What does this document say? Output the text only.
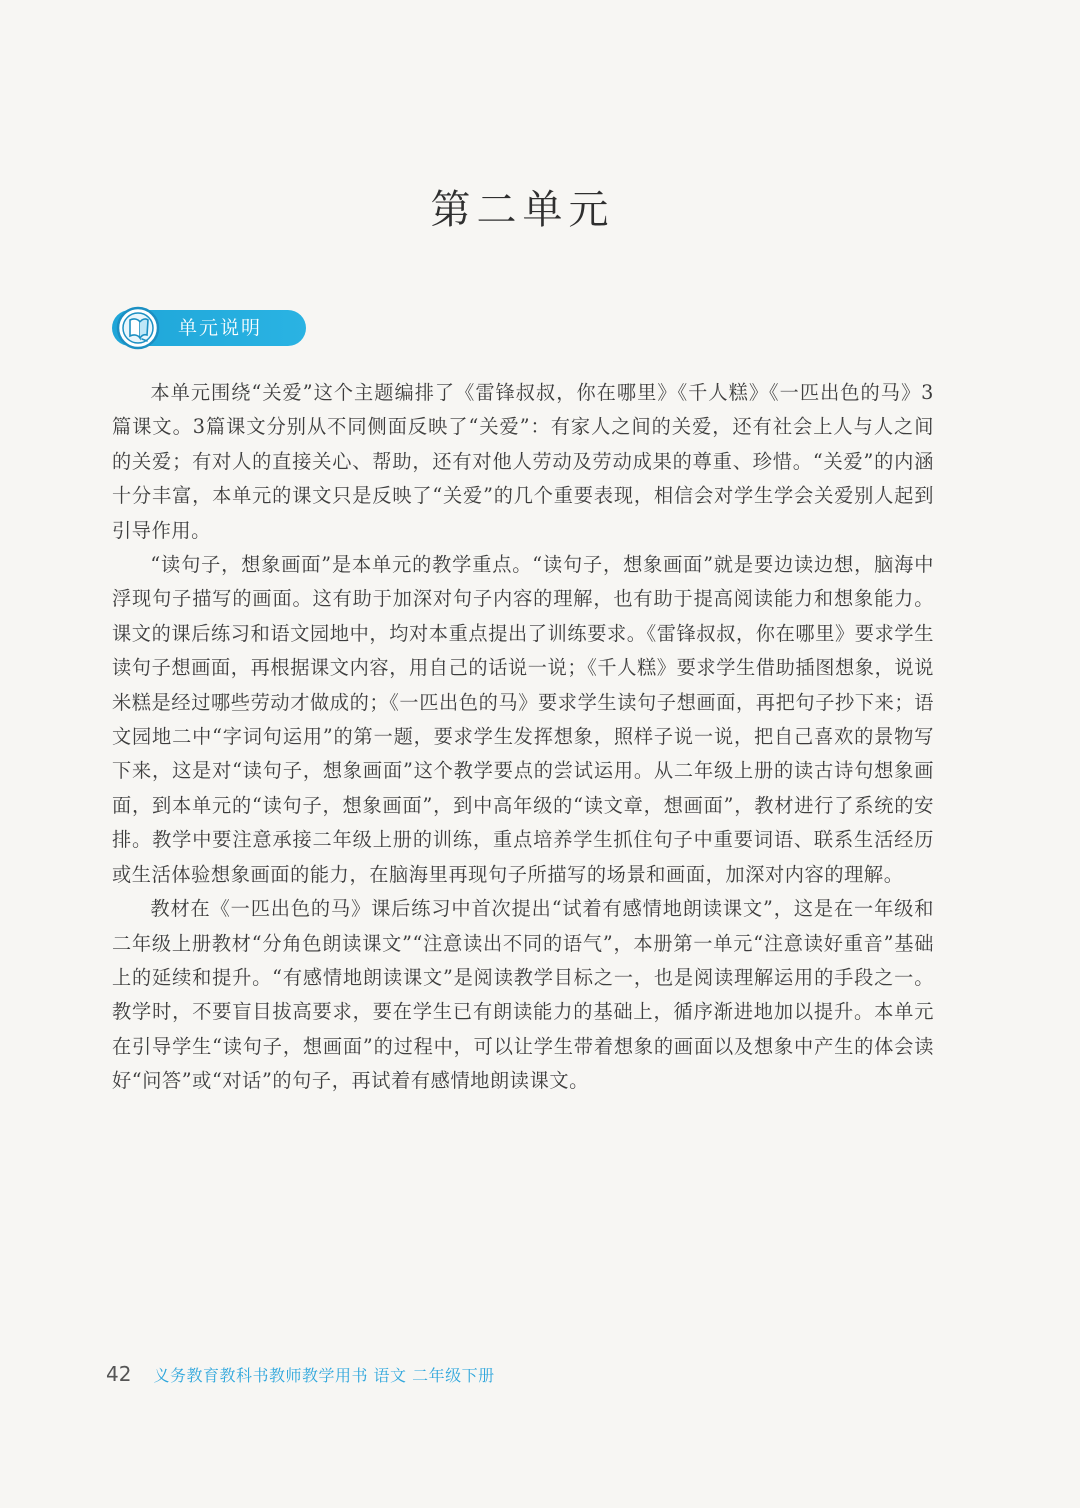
第二单元
单元说明

本单元围绕“关爱”这个主题编排了《雷锋叔叔，你在哪里》《千人糕》《一匹出色的马》3篇课文。3篇课文分别从不同侧面反映了“关爱”：有家人之间的关爱，还有社会上人与人之间的关爱；有对人的直接关心、帮助，还有对他人劳动及劳动成果的尊重、珍惜。“关爱”的内涵十分丰富，本单元的课文只是反映了“关爱”的几个重要表现，相信会对学生学会关爱别人起到引导作用。

“读句子，想象画面”是本单元的教学重点。“读句子，想象画面”就是要边读边想，脑海中浮现句子描写的画面。这有助于加深对句子内容的理解，也有助于提高阅读能力和想象能力。课文的课后练习和语文园地中，均对本重点提出了训练要求。《雷锋叔叔，你在哪里》要求学生读句子想画面，再根据课文内容，用自己的话说一说；《千人糕》要求学生借助插图想象，说说米糕是经过哪些劳动才做成的；《一匹出色的马》要求学生读句子想画面，再把句子抄下来；语文园地二中“字词句运用”的第一题，要求学生发挥想象，照样子说一说，把自己喜欢的景物写下来，这是对“读句子，想象画面”这个教学要点的尝试运用。从二年级上册的读古诗句想象画面，到本单元的“读句子，想象画面”，到中高年级的“读文章，想画面”，教材进行了系统的安排。教学中要注意承接二年级上册的训练，重点培养学生抓住句子中重要词语、联系生活经历或生活体验想象画面的能力，在脑海里再现句子所描写的场景和画面，加深对内容的理解。

教材在《一匹出色的马》课后练习中首次提出“试着有感情地朗读课文”，这是在一年级和二年级上册教材“分角色朗读课文”“注意读出不同的语气”，本册第一单元“注意读好重音”基础上的延续和提升。“有感情地朗读课文”是阅读教学目标之一，也是阅读理解运用的手段之一。教学时，不要盲目拔高要求，要在学生已有朗读能力的基础上，循序渐进地加以提升。本单元在引导学生“读句子，想画面”的过程中，可以让学生带着想象的画面以及想象中产生的体会读好“问答”或“对话”的句子，再试着有感情地朗读课文。

42 义务教育教科书教师教学用书 语文 二年级下册
